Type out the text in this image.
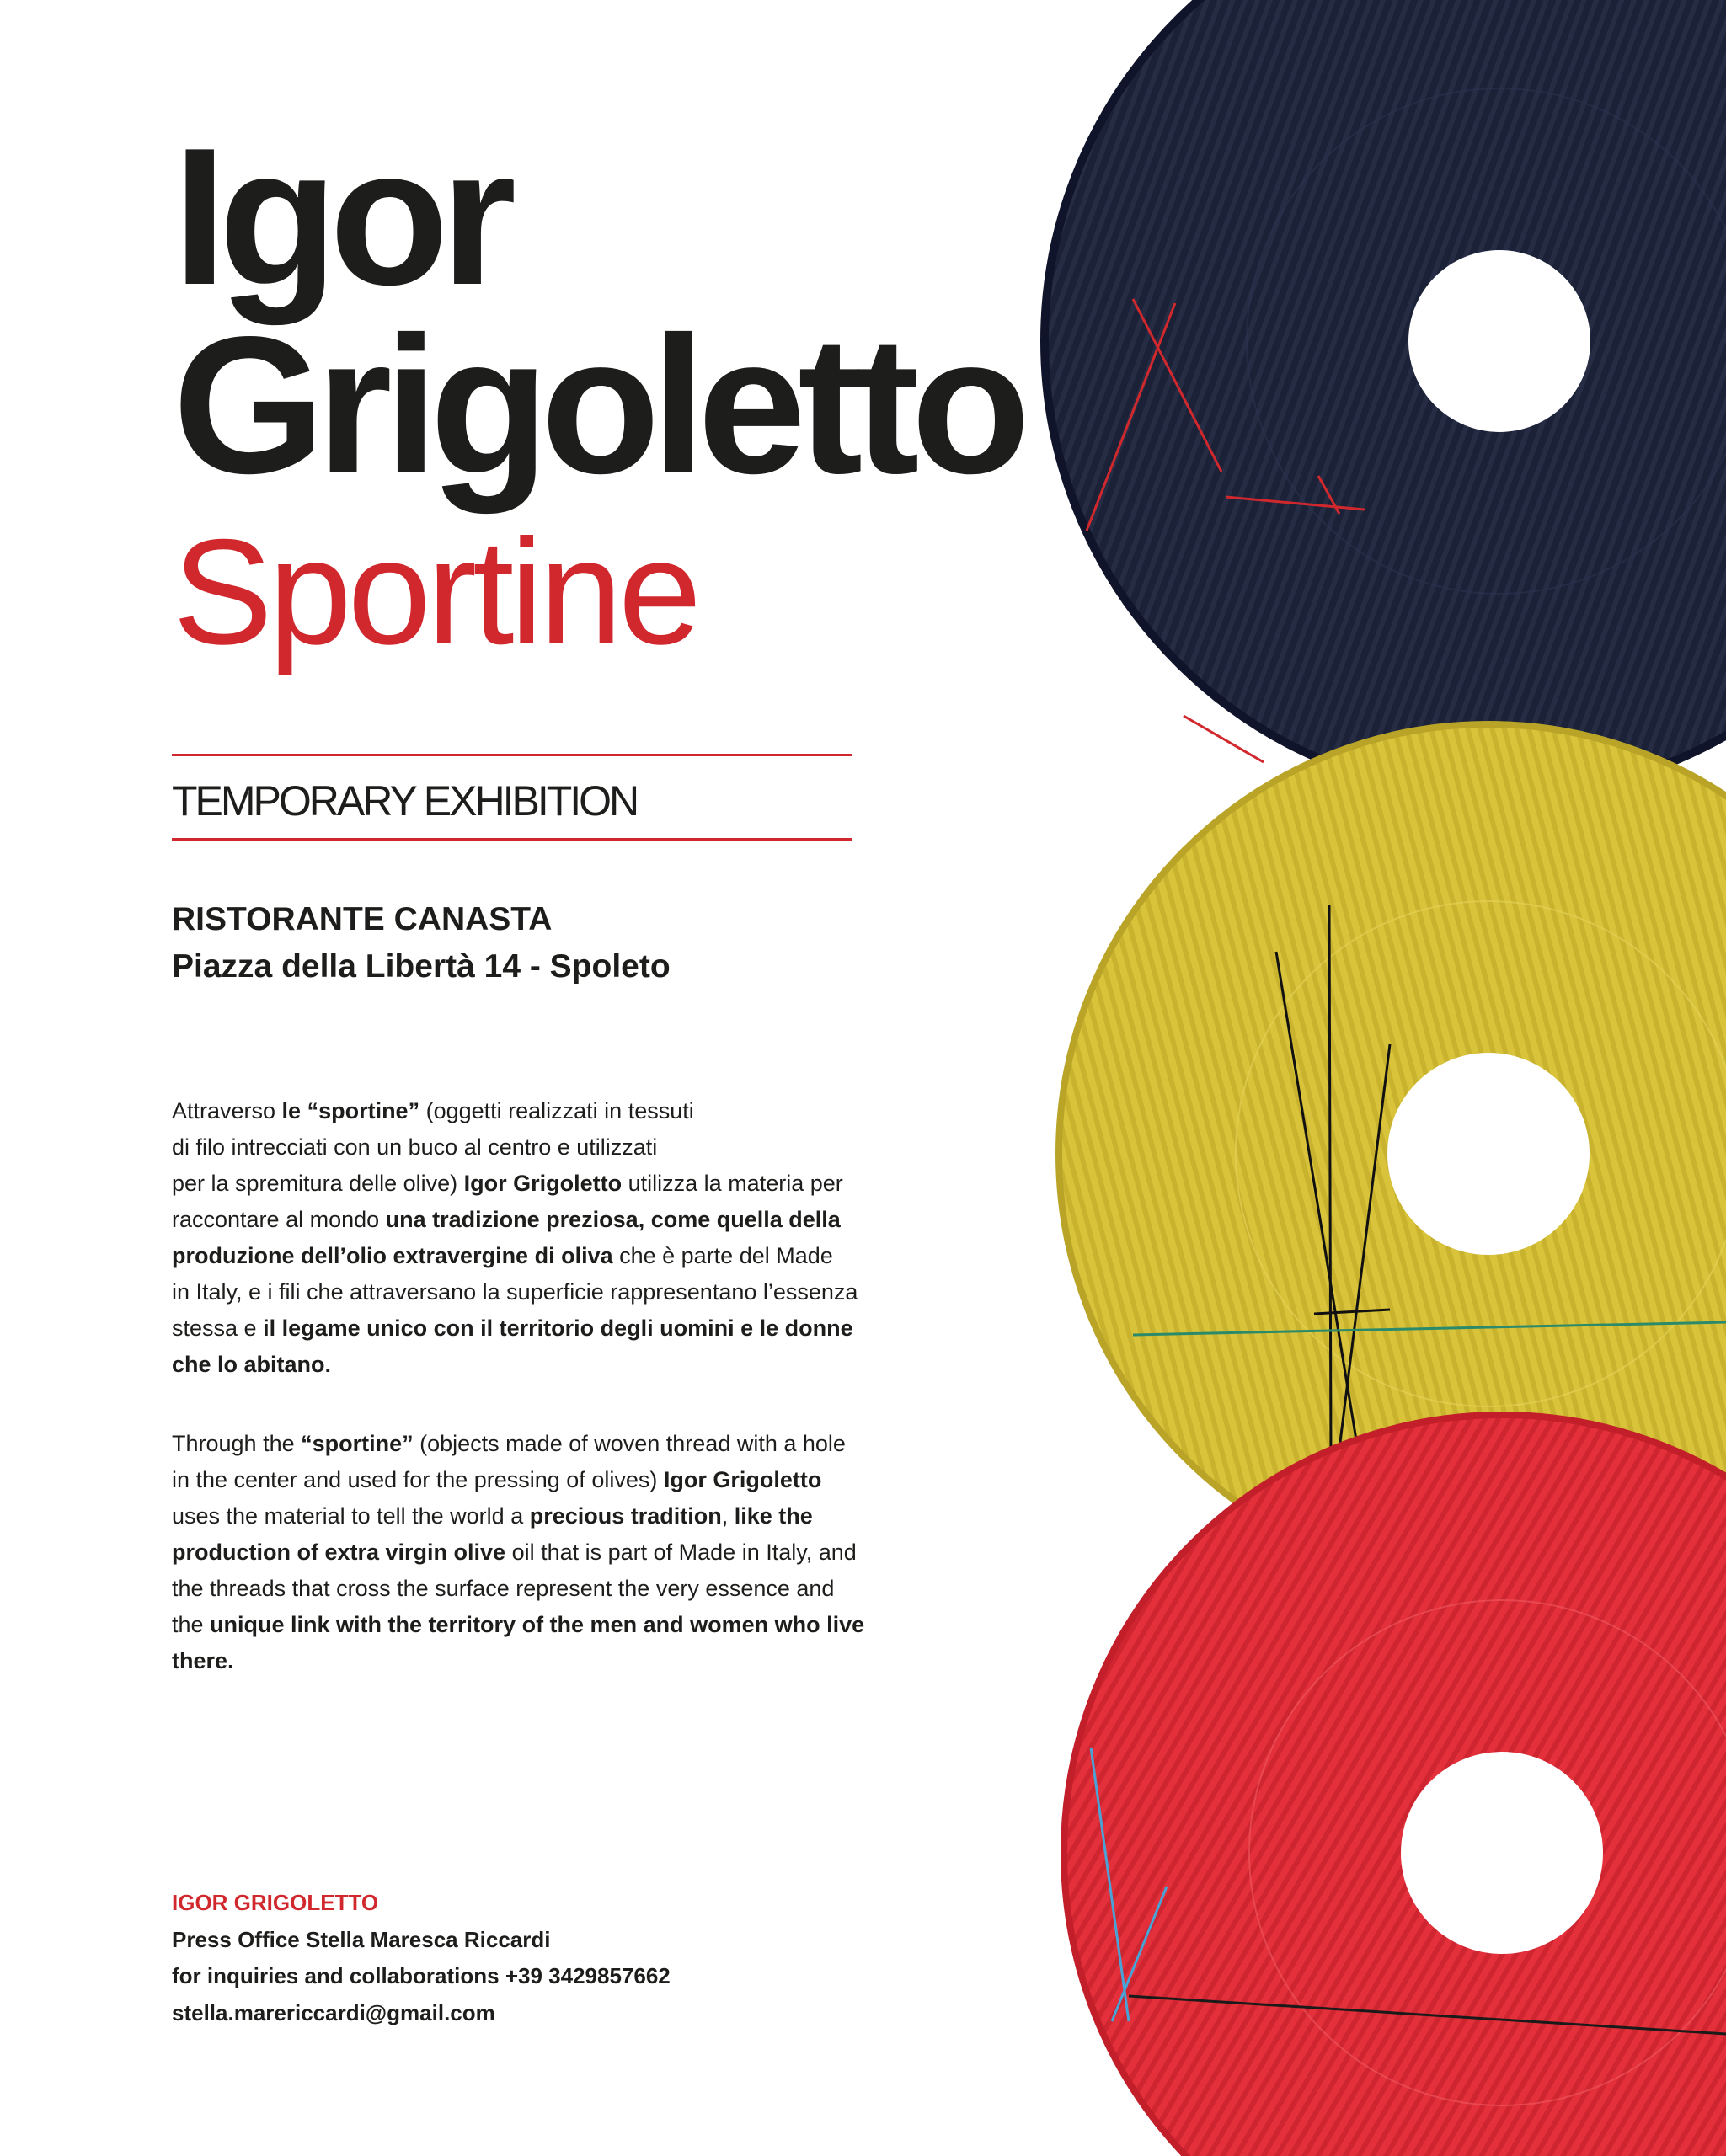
Igor
Grigoletto
Sportine
TEMPORARY EXHIBITION
RISTORANTE CANASTA
Piazza della Libertà 14 - Spoleto
Attraverso le “sportine” (oggetti realizzati in tessuti
di filo intrecciati con un buco al centro e utilizzati
per la spremitura delle olive) Igor Grigoletto utilizza la materia per
raccontare al mondo una tradizione preziosa, come quella della
produzione dell’olio extravergine di oliva che è parte del Made
in Italy, e i fili che attraversano la superficie rappresentano l’essenza
stessa e il legame unico con il territorio degli uomini e le donne
che lo abitano.
Through the “sportine” (objects made of woven thread with a hole
in the center and used for the pressing of olives) Igor Grigoletto
uses the material to tell the world a precious tradition, like the
production of extra virgin olive oil that is part of Made in Italy, and
the threads that cross the surface represent the very essence and
the unique link with the territory of the men and women who live
there.
IGOR GRIGOLETTO
Press Office Stella Maresca Riccardi
for inquiries and collaborations +39 3429857662
stella.marericcardi@gmail.com
